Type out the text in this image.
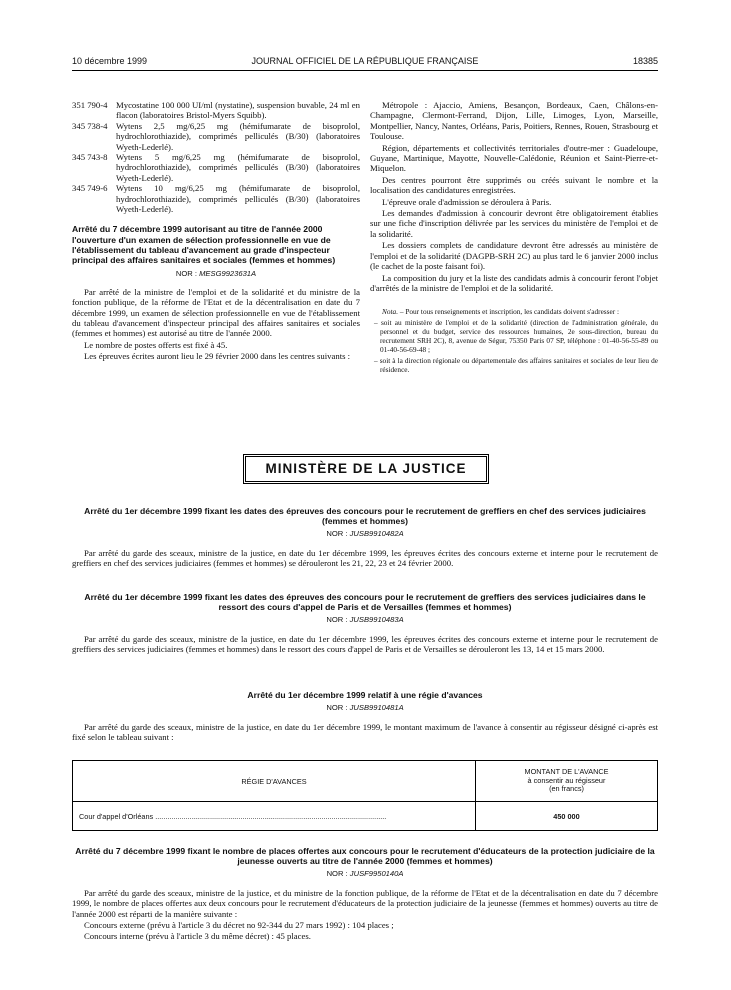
10 décembre 1999	JOURNAL OFFICIEL DE LA RÉPUBLIQUE FRANÇAISE	18385
351 790-4 Mycostatine 100 000 UI/ml (nystatine), suspension buvable, 24 ml en flacon (laboratoires Bristol-Myers Squibb).
345 738-4 Wytens 2,5 mg/6,25 mg (hémifumarate de bisoprolol, hydrochlorothiazide), comprimés pelliculés (B/30) (laboratoires Wyeth-Lederlé).
345 743-8 Wytens 5 mg/6,25 mg (hémifumarate de bisoprolol, hydrochlorothiazide), comprimés pelliculés (B/30) (laboratoires Wyeth-Lederlé).
345 749-6 Wytens 10 mg/6,25 mg (hémifumarate de bisoprolol, hydrochlorothiazide), comprimés pelliculés (B/30) (laboratoires Wyeth-Lederlé).

Arrêté du 7 décembre 1999 autorisant au titre de l'année 2000 l'ouverture d'un examen de sélection professionnelle en vue de l'établissement du tableau d'avancement au grade d'inspecteur principal des affaires sanitaires et sociales (femmes et hommes)

NOR : MESG9923631A

Par arrêté de la ministre de l'emploi et de la solidarité et du ministre de la fonction publique, de la réforme de l'Etat et de la décentralisation en date du 7 décembre 1999, un examen de sélection professionnelle en vue de l'établissement du tableau d'avancement d'inspecteur principal des affaires sanitaires et sociales (femmes et hommes) est autorisé au titre de l'année 2000.

Le nombre de postes offerts est fixé à 45.

Les épreuves écrites auront lieu le 29 février 2000 dans les centres suivants :

Métropole : Ajaccio, Amiens, Besançon, Bordeaux, Caen, Châlons-en-Champagne, Clermont-Ferrand, Dijon, Lille, Limoges, Lyon, Marseille, Montpellier, Nancy, Nantes, Orléans, Paris, Poitiers, Rennes, Rouen, Strasbourg et Toulouse.

Région, départements et collectivités territoriales d'outre-mer : Guadeloupe, Guyane, Martinique, Mayotte, Nouvelle-Calédonie, Réunion et Saint-Pierre-et-Miquelon.

Des centres pourront être supprimés ou créés suivant le nombre et la localisation des candidatures enregistrées.

L'épreuve orale d'admission se déroulera à Paris.

Les demandes d'admission à concourir devront être obligatoirement établies sur une fiche d'inscription délivrée par les services du ministère de l'emploi et de la solidarité.

Les dossiers complets de candidature devront être adressés au ministère de l'emploi et de la solidarité (DAGPB-SRH 2C) au plus tard le 6 janvier 2000 inclus (le cachet de la poste faisant foi).

La composition du jury et la liste des candidats admis à concourir feront l'objet d'arrêtés de la ministre de l'emploi et de la solidarité.

Nota. – Pour tous renseignements et inscription, les candidats doivent s'adresser :

– soit au ministère de l'emploi et de la solidarité (direction de l'administration générale, du personnel et du budget, service des ressources humaines, 2e sous-direction, bureau du recrutement SRH 2C), 8, avenue de Ségur, 75350 Paris 07 SP, téléphone : 01-40-56-55-89 ou 01-40-56-69-48 ;

– soit à la direction régionale ou départementale des affaires sanitaires et sociales de leur lieu de résidence.

MINISTÈRE DE LA JUSTICE

Arrêté du 1er décembre 1999 fixant les dates des épreuves des concours pour le recrutement de greffiers en chef des services judiciaires (femmes et hommes)

NOR : JUSB9910482A

Par arrêté du garde des sceaux, ministre de la justice, en date du 1er décembre 1999, les épreuves écrites des concours externe et interne pour le recrutement de greffiers en chef des services judiciaires (femmes et hommes) se dérouleront les 21, 22, 23 et 24 février 2000.

Arrêté du 1er décembre 1999 fixant les dates des épreuves des concours pour le recrutement de greffiers des services judiciaires dans le ressort des cours d'appel de Paris et de Versailles (femmes et hommes)

NOR : JUSB9910483A

Par arrêté du garde des sceaux, ministre de la justice, en date du 1er décembre 1999, les épreuves écrites des concours externe et interne pour le recrutement de greffiers des services judiciaires (femmes et hommes) dans le ressort des cours d'appel de Paris et de Versailles se dérouleront les 13, 14 et 15 mars 2000.

Arrêté du 1er décembre 1999 relatif à une régie d'avances

NOR : JUSB9910481A

Par arrêté du garde des sceaux, ministre de la justice, en date du 1er décembre 1999, le montant maximum de l'avance à consentir au régisseur désigné ci-après est fixé selon le tableau suivant :

RÉGIE D'AVANCES	MONTANT DE L'AVANCE
à consentir au régisseur
(en francs)

Cour d'appel d'Orléans ..................................................................................................................	450 000

Arrêté du 7 décembre 1999 fixant le nombre de places offertes aux concours pour le recrutement d'éducateurs de la protection judiciaire de la jeunesse ouverts au titre de l'année 2000 (femmes et hommes)

NOR : JUSF9950140A

Par arrêté du garde des sceaux, ministre de la justice, et du ministre de la fonction publique, de la réforme de l'Etat et de la décentralisation en date du 7 décembre 1999, le nombre de places offertes aux deux concours pour le recrutement d'éducateurs de la protection judiciaire de la jeunesse (femmes et hommes) ouverts au titre de l'année 2000 est réparti de la manière suivante :

Concours externe (prévu à l'article 3 du décret no 92-344 du 27 mars 1992) : 104 places ;

Concours interne (prévu à l'article 3 du même décret) : 45 places.
